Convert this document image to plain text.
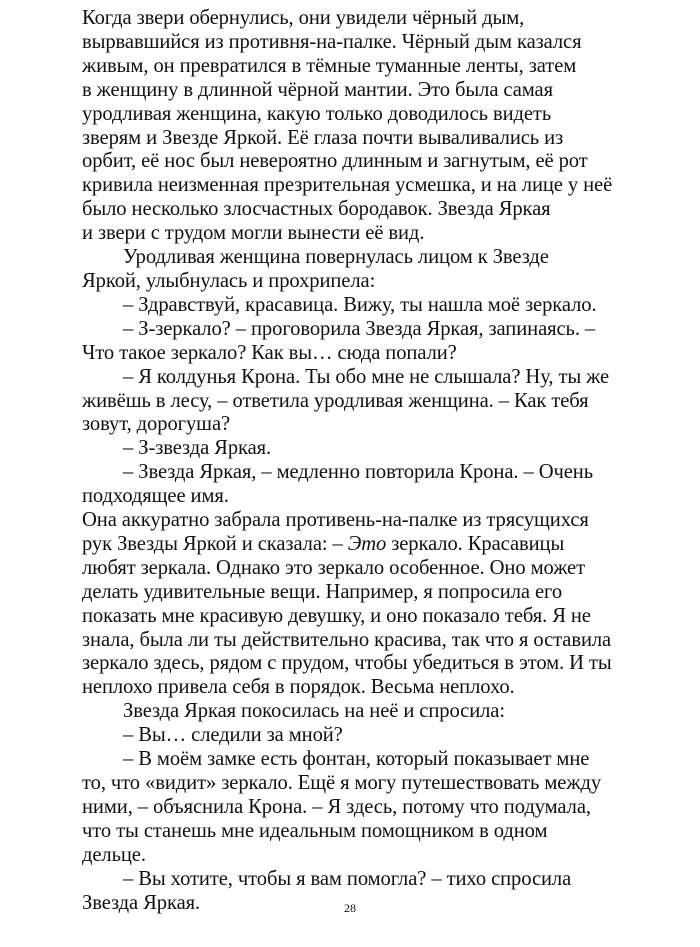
Когда звери обернулись, они увидели чёрный дым,
вырвавшийся из противня-на-палке. Чёрный дым казался
живым, он превратился в тёмные туманные ленты, затем
в женщину в длинной чёрной мантии. Это была самая
уродливая женщина, какую только доводилось видеть
зверям и Звезде Яркой. Её глаза почти вываливались из
орбит, её нос был невероятно длинным и загнутым, её рот
кривила неизменная презрительная усмешка, и на лице у неё
было несколько злосчастных бородавок. Звезда Яркая
и звери с трудом могли вынести её вид.
Уродливая женщина повернулась лицом к Звезде
Яркой, улыбнулась и прохрипела:
– Здравствуй, красавица. Вижу, ты нашла моё зеркало.
– З-зеркало? – проговорила Звезда Яркая, запинаясь. –
Что такое зеркало? Как вы… сюда попали?
– Я колдунья Крона. Ты обо мне не слышала? Ну, ты же
живёшь в лесу, – ответила уродливая женщина. – Как тебя
зовут, дорогуша?
– З-звезда Яркая.
– Звезда Яркая, – медленно повторила Крона. – Очень
подходящее имя.
Она аккуратно забрала противень-на-палке из трясущихся
рук Звезды Яркой и сказала: – Это зеркало. Красавицы
любят зеркала. Однако это зеркало особенное. Оно может
делать удивительные вещи. Например, я попросила его
показать мне красивую девушку, и оно показало тебя. Я не
знала, была ли ты действительно красива, так что я оставила
зеркало здесь, рядом с прудом, чтобы убедиться в этом. И ты
неплохо привела себя в порядок. Весьма неплохо.
Звезда Яркая покосилась на неё и спросила:
– Вы… следили за мной?
– В моём замке есть фонтан, который показывает мне
то, что «видит» зеркало. Ещё я могу путешествовать между
ними, – объяснила Крона. – Я здесь, потому что подумала,
что ты станешь мне идеальным помощником в одном
дельце.
– Вы хотите, чтобы я вам помогла? – тихо спросила
Звезда Яркая.	28
